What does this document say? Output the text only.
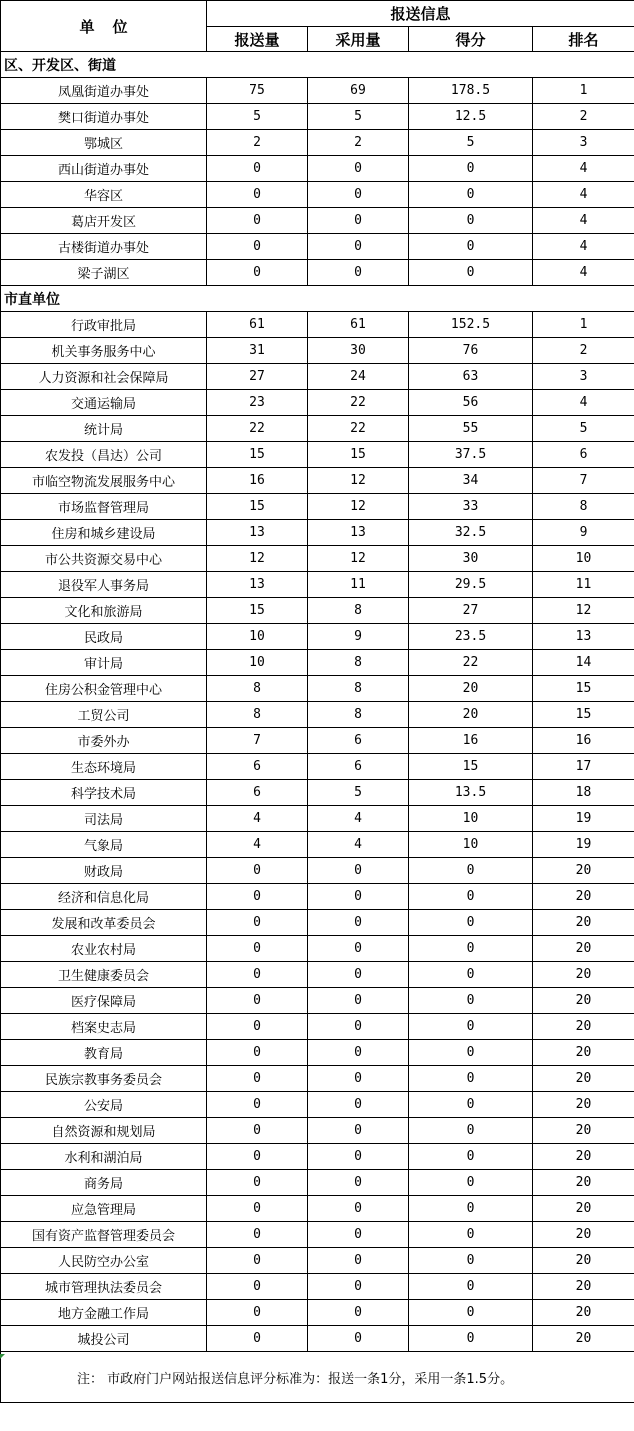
单位	报送信息			
	报送量	采用量	得分	排名
区、开发区、街道				
凤凰街道办事处	75	69	178.5	1
樊口街道办事处	5	5	12.5	2
鄂城区	2	2	5	3
西山街道办事处	0	0	0	4
华容区	0	0	0	4
葛店开发区	0	0	0	4
古楼街道办事处	0	0	0	4
梁子湖区	0	0	0	4
市直单位				
行政审批局	61	61	152.5	1
机关事务服务中心	31	30	76	2
人力资源和社会保障局	27	24	63	3
交通运输局	23	22	56	4
统计局	22	22	55	5
农发投（昌达）公司	15	15	37.5	6
市临空物流发展服务中心	16	12	34	7
市场监督管理局	15	12	33	8
住房和城乡建设局	13	13	32.5	9
市公共资源交易中心	12	12	30	10
退役军人事务局	13	11	29.5	11
文化和旅游局	15	8	27	12
民政局	10	9	23.5	13
审计局	10	8	22	14
住房公积金管理中心	8	8	20	15
工贸公司	8	8	20	15
市委外办	7	6	16	16
生态环境局	6	6	15	17
科学技术局	6	5	13.5	18
司法局	4	4	10	19
气象局	4	4	10	19
财政局	0	0	0	20
经济和信息化局	0	0	0	20
发展和改革委员会	0	0	0	20
农业农村局	0	0	0	20
卫生健康委员会	0	0	0	20
医疗保障局	0	0	0	20
档案史志局	0	0	0	20
教育局	0	0	0	20
民族宗教事务委员会	0	0	0	20
公安局	0	0	0	20
自然资源和规划局	0	0	0	20
水利和湖泊局	0	0	0	20
商务局	0	0	0	20
应急管理局	0	0	0	20
国有资产监督管理委员会	0	0	0	20
人民防空办公室	0	0	0	20
城市管理执法委员会	0	0	0	20
地方金融工作局	0	0	0	20
城投公司	0	0	0	20
注： 市政府门户网站报送信息评分标准为：报送一条1分，采用一条1.5分。				
